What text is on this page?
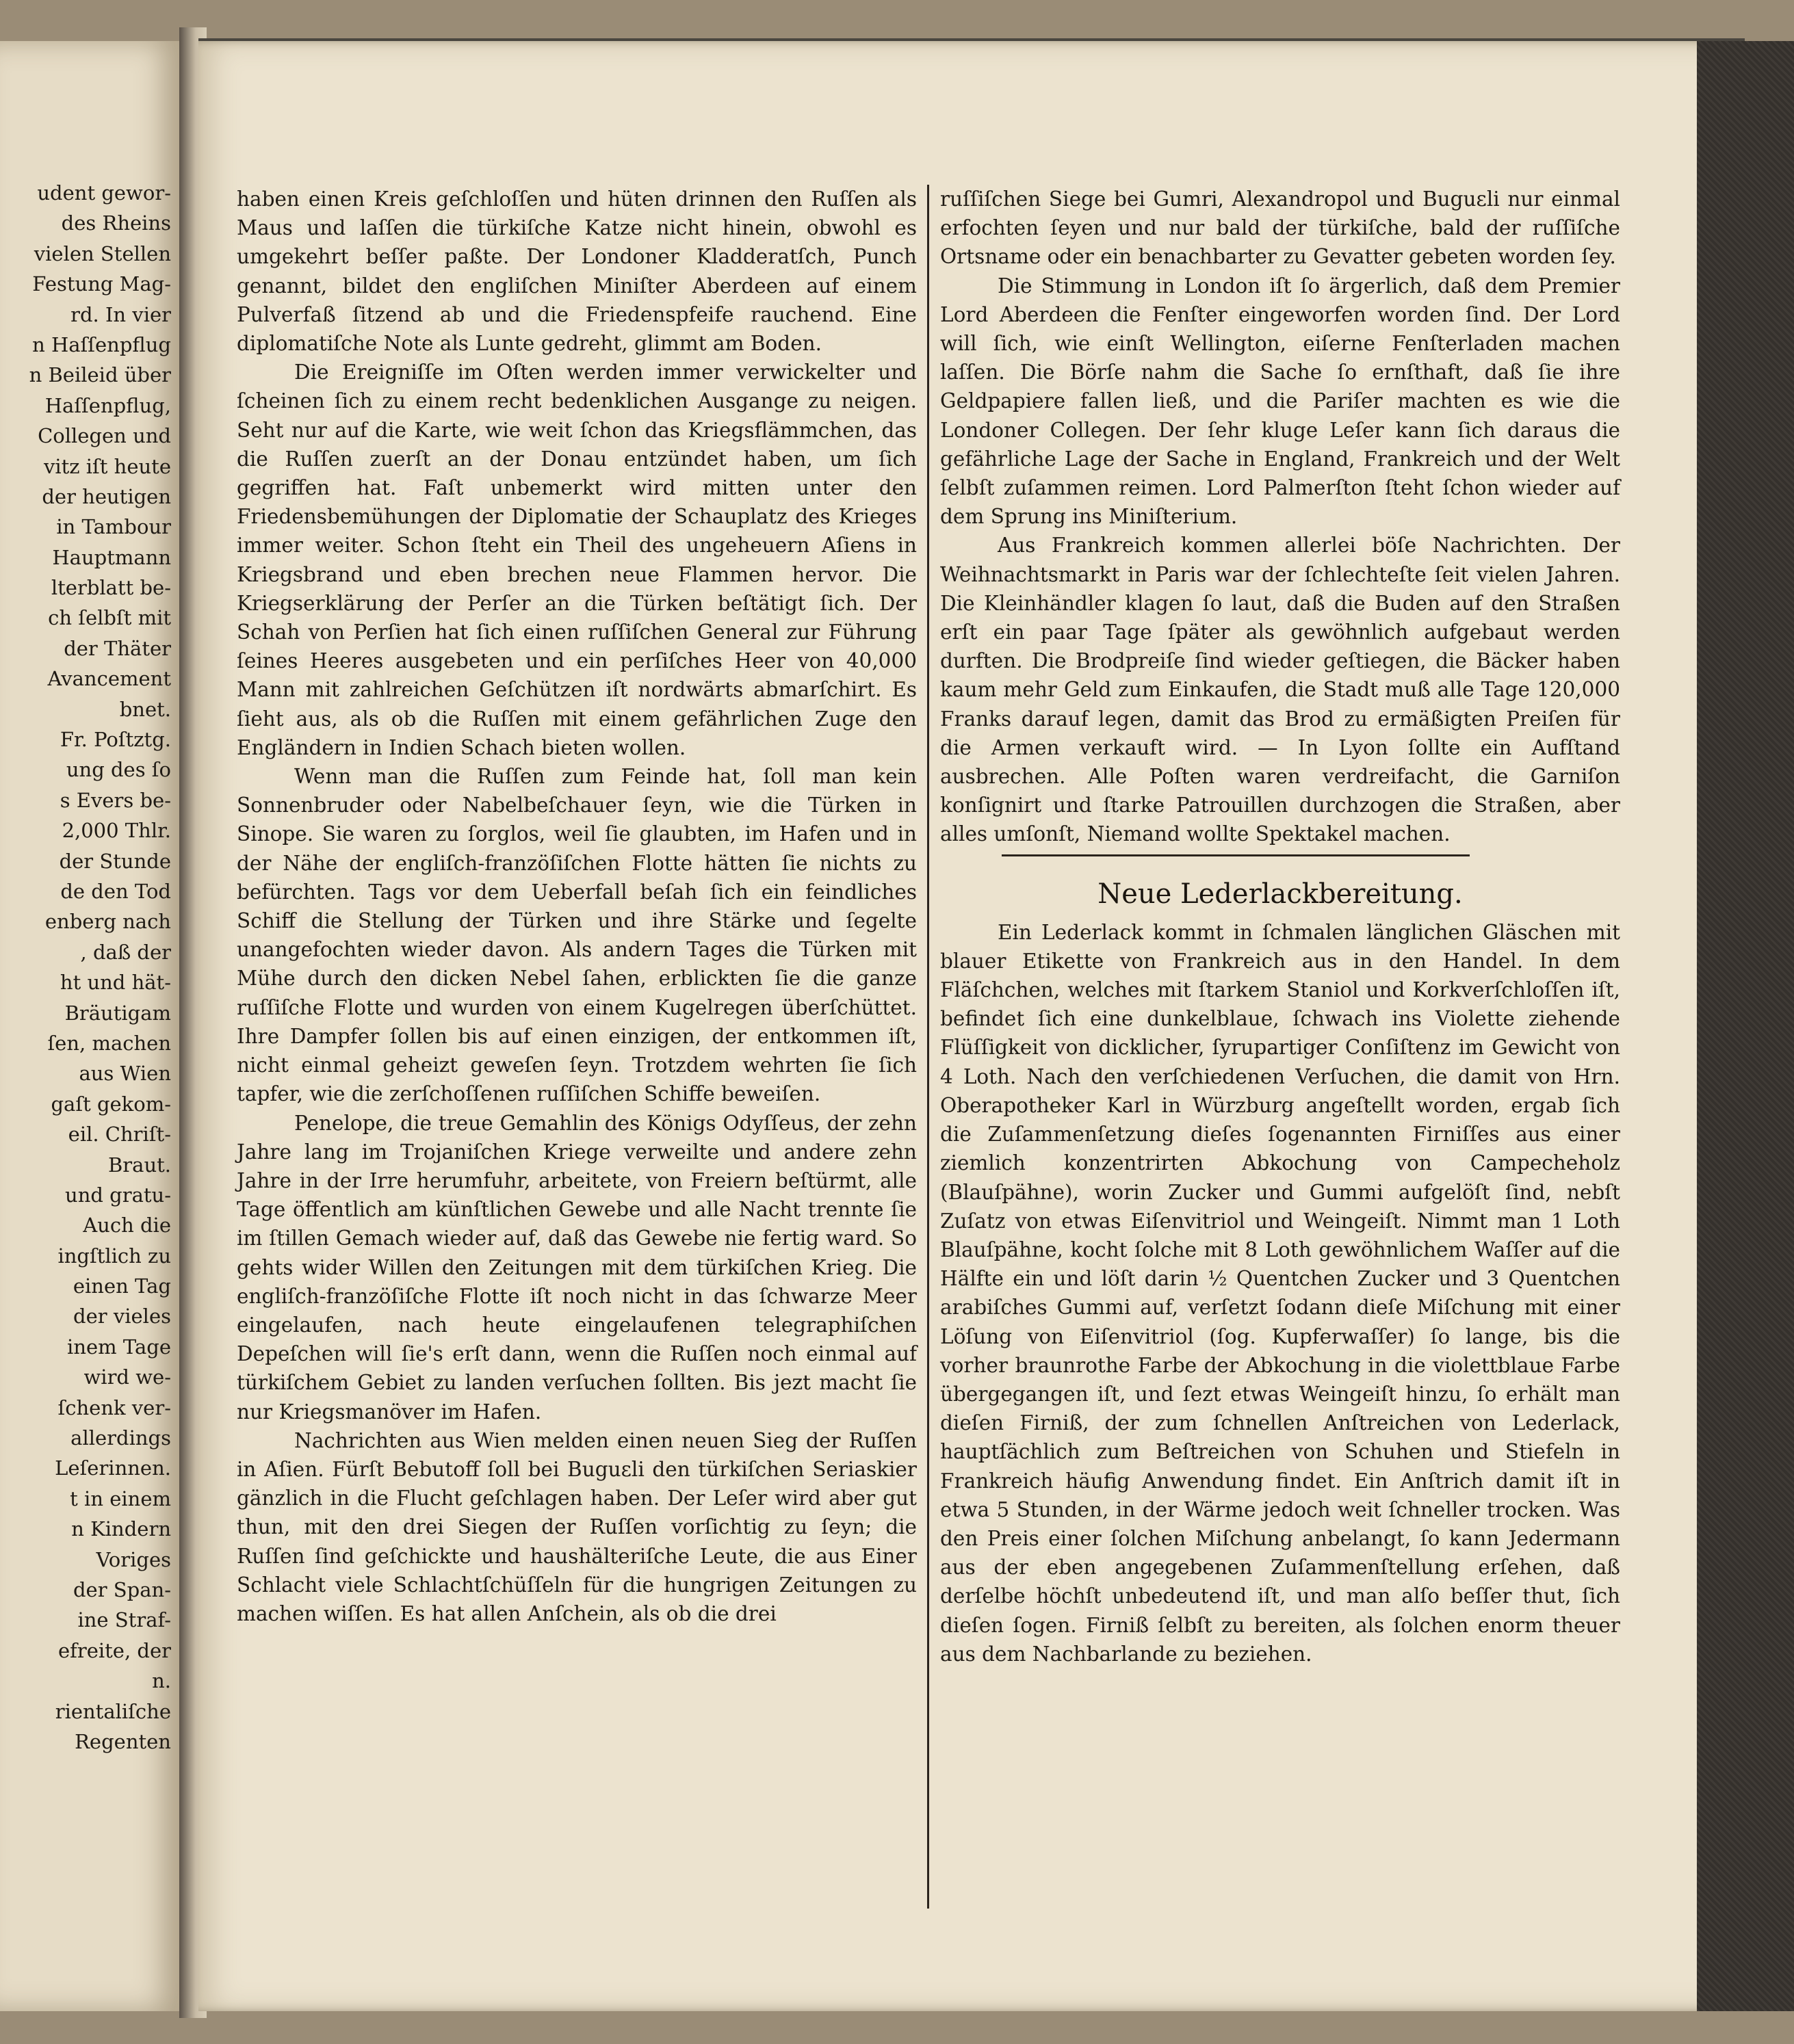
udent gewor-
des Rheins
vielen Stellen
Festung Mag-
rd. In vier
n Haſſenpflug
n Beileid über
Haſſenpflug,
Collegen und
vitz iſt heute
der heutigen
in Tambour
Hauptmann
lterblatt be-
ch ſelbſt mit
der Thäter
Avancement
bnet.
Fr. Poſtztg.
ung des ſo
s Evers be-
2,000 Thlr.
der Stunde
de den Tod
enberg nach
, daß der
ht und hät-
Bräutigam
ſen, machen
aus Wien
gaſt gekom-
eil. Chriſt-
Braut.
und gratu-
Auch die
ingſtlich zu
einen Tag
der vieles
inem Tage
wird we-
ſchenk ver-
allerdings
Leſerinnen.
t in einem
n Kindern
Voriges
der Span-
ine Straf-
efreite, der
n.
rientaliſche
Regenten

haben einen Kreis geſchloſſen und hüten drinnen den Ruſſen als Maus und laſſen die türkiſche Katze nicht hinein, obwohl es umgekehrt beſſer paßte. Der Londoner Kladderatſch, Punch genannt, bildet den engliſchen Miniſter Aberdeen auf einem Pulverfaß ſitzend ab und die Friedenspfeife rauchend. Eine diplomatiſche Note als Lunte gedreht, glimmt am Boden.

Die Ereigniſſe im Oſten werden immer verwickelter und ſcheinen ſich zu einem recht bedenklichen Ausgange zu neigen. Seht nur auf die Karte, wie weit ſchon das Kriegsflämmchen, das die Ruſſen zuerſt an der Donau entzündet haben, um ſich gegriffen hat. Faſt unbemerkt wird mitten unter den Friedensbemühungen der Diplomatie der Schauplatz des Krieges immer weiter. Schon ſteht ein Theil des ungeheuern Aſiens in Kriegsbrand und eben brechen neue Flammen hervor. Die Kriegserklärung der Perſer an die Türken beſtätigt ſich. Der Schah von Perſien hat ſich einen ruſſiſchen General zur Führung ſeines Heeres ausgebeten und ein perſiſches Heer von 40,000 Mann mit zahlreichen Geſchützen iſt nordwärts abmarſchirt. Es ſieht aus, als ob die Ruſſen mit einem gefährlichen Zuge den Engländern in Indien Schach bieten wollen.

Wenn man die Ruſſen zum Feinde hat, ſoll man kein Sonnenbruder oder Nabelbeſchauer ſeyn, wie die Türken in Sinope. Sie waren zu ſorglos, weil ſie glaubten, im Hafen und in der Nähe der engliſch-franzöſiſchen Flotte hätten ſie nichts zu befürchten. Tags vor dem Ueberfall beſah ſich ein feindliches Schiff die Stellung der Türken und ihre Stärke und ſegelte unangefochten wieder davon. Als andern Tages die Türken mit Mühe durch den dicken Nebel ſahen, erblickten ſie die ganze ruſſiſche Flotte und wurden von einem Kugelregen überſchüttet. Ihre Dampfer ſollen bis auf einen einzigen, der entkommen iſt, nicht einmal geheizt geweſen ſeyn. Trotzdem wehrten ſie ſich tapfer, wie die zerſchoſſenen ruſſiſchen Schiffe beweiſen.

Penelope, die treue Gemahlin des Königs Odyſſeus, der zehn Jahre lang im Trojaniſchen Kriege verweilte und andere zehn Jahre in der Irre herumfuhr, arbeitete, von Freiern beſtürmt, alle Tage öffentlich am künſtlichen Gewebe und alle Nacht trennte ſie im ſtillen Gemach wieder auf, daß das Gewebe nie fertig ward. So gehts wider Willen den Zeitungen mit dem türkiſchen Krieg. Die engliſch-franzöſiſche Flotte iſt noch nicht in das ſchwarze Meer eingelaufen, nach heute eingelaufenen telegraphiſchen Depeſchen will ſie's erſt dann, wenn die Ruſſen noch einmal auf türkiſchem Gebiet zu landen verſuchen ſollten. Bis jezt macht ſie nur Kriegsmanöver im Hafen.

Nachrichten aus Wien melden einen neuen Sieg der Ruſſen in Aſien. Fürſt Bebutoff ſoll bei Buguɛli den türkiſchen Seriaskier gänzlich in die Flucht geſchlagen haben. Der Leſer wird aber gut thun, mit den drei Siegen der Ruſſen vorſichtig zu ſeyn; die Ruſſen ſind geſchickte und haushälteriſche Leute, die aus Einer Schlacht viele Schlachtſchüſſeln für die hungrigen Zeitungen zu machen wiſſen. Es hat allen Anſchein, als ob die drei

ruſſiſchen Siege bei Gumri, Alexandropol und Buguɛli nur einmal erfochten ſeyen und nur bald der türkiſche, bald der ruſſiſche Ortsname oder ein benachbarter zu Gevatter gebeten worden ſey.

Die Stimmung in London iſt ſo ärgerlich, daß dem Premier Lord Aberdeen die Fenſter eingeworfen worden ſind. Der Lord will ſich, wie einſt Wellington, eiſerne Fenſterladen machen laſſen. Die Börſe nahm die Sache ſo ernſthaft, daß ſie ihre Geldpapiere fallen ließ, und die Pariſer machten es wie die Londoner Collegen. Der ſehr kluge Leſer kann ſich daraus die gefährliche Lage der Sache in England, Frankreich und der Welt ſelbſt zuſammen reimen. Lord Palmerſton ſteht ſchon wieder auf dem Sprung ins Miniſterium.

Aus Frankreich kommen allerlei böſe Nachrichten. Der Weihnachtsmarkt in Paris war der ſchlechteſte ſeit vielen Jahren. Die Kleinhändler klagen ſo laut, daß die Buden auf den Straßen erſt ein paar Tage ſpäter als gewöhnlich aufgebaut werden durften. Die Brodpreiſe ſind wieder geſtiegen, die Bäcker haben kaum mehr Geld zum Einkaufen, die Stadt muß alle Tage 120,000 Franks darauf legen, damit das Brod zu ermäßigten Preiſen für die Armen verkauft wird. — In Lyon ſollte ein Aufſtand ausbrechen. Alle Poſten waren verdreifacht, die Garniſon konſignirt und ſtarke Patrouillen durchzogen die Straßen, aber alles umſonſt, Niemand wollte Spektakel machen.

Neue Lederlackbereitung.

Ein Lederlack kommt in ſchmalen länglichen Gläschen mit blauer Etikette von Frankreich aus in den Handel. In dem Fläſchchen, welches mit ſtarkem Staniol und Korkverſchloſſen iſt, befindet ſich eine dunkelblaue, ſchwach ins Violette ziehende Flüſſigkeit von dicklicher, ſyrupartiger Conſiſtenz im Gewicht von 4 Loth. Nach den verſchiedenen Verſuchen, die damit von Hrn. Oberapotheker Karl in Würzburg angeſtellt worden, ergab ſich die Zuſammenſetzung dieſes ſogenannten Firniſſes aus einer ziemlich konzentrirten Abkochung von Campecheholz (Blauſpähne), worin Zucker und Gummi aufgelöſt ſind, nebſt Zuſatz von etwas Eiſenvitriol und Weingeiſt. Nimmt man 1 Loth Blauſpähne, kocht ſolche mit 8 Loth gewöhnlichem Waſſer auf die Hälfte ein und löſt darin ½ Quentchen Zucker und 3 Quentchen arabiſches Gummi auf, verſetzt ſodann dieſe Miſchung mit einer Löſung von Eiſenvitriol (ſog. Kupferwaſſer) ſo lange, bis die vorher braunrothe Farbe der Abkochung in die violettblaue Farbe übergegangen iſt, und ſezt etwas Weingeiſt hinzu, ſo erhält man dieſen Firniß, der zum ſchnellen Anſtreichen von Lederlack, hauptſächlich zum Beſtreichen von Schuhen und Stiefeln in Frankreich häufig Anwendung findet. Ein Anſtrich damit iſt in etwa 5 Stunden, in der Wärme jedoch weit ſchneller trocken. Was den Preis einer ſolchen Miſchung anbelangt, ſo kann Jedermann aus der eben angegebenen Zuſammenſtellung erſehen, daß derſelbe höchſt unbedeutend iſt, und man alſo beſſer thut, ſich dieſen ſogen. Firniß ſelbſt zu bereiten, als ſolchen enorm theuer aus dem Nachbarlande zu beziehen.
